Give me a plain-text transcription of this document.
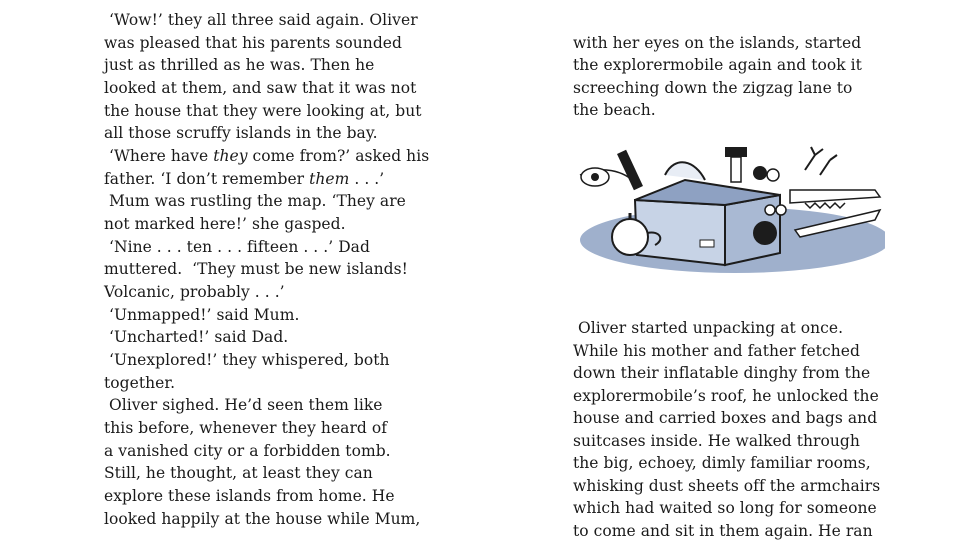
‘Wow!’ they all three said again. Oliver
was pleased that his parents sounded
just as thrilled as he was. Then he
looked at them, and saw that it was not
the house that they were looking at, but
all those scruffy islands in the bay.
‘Where have they come from?’ asked his
father. ‘I don’t remember them . . .’
Mum was rustling the map. ‘They are
not marked here!’ she gasped.
‘Nine . . . ten . . . fifteen . . .’ Dad
muttered.  ‘They must be new islands!
Volcanic, probably . . .’
‘Unmapped!’ said Mum.
‘Uncharted!’ said Dad.
‘Unexplored!’ they whispered, both
together.
Oliver sighed. He’d seen them like
this before, whenever they heard of
a vanished city or a forbidden tomb.
Still, he thought, at least they can
explore these islands from home. He
looked happily at the house while Mum,
with her eyes on the islands, started
the explorermobile again and took it
screeching down the zigzag lane to
the beach.
Oliver started unpacking at once.
While his mother and father fetched
down their inflatable dinghy from the
explorermobile’s roof, he unlocked the
house and carried boxes and bags and
suitcases inside. He walked through
the big, echoey, dimly familiar rooms,
whisking dust sheets off the armchairs
which had waited so long for someone
to come and sit in them again. He ran
